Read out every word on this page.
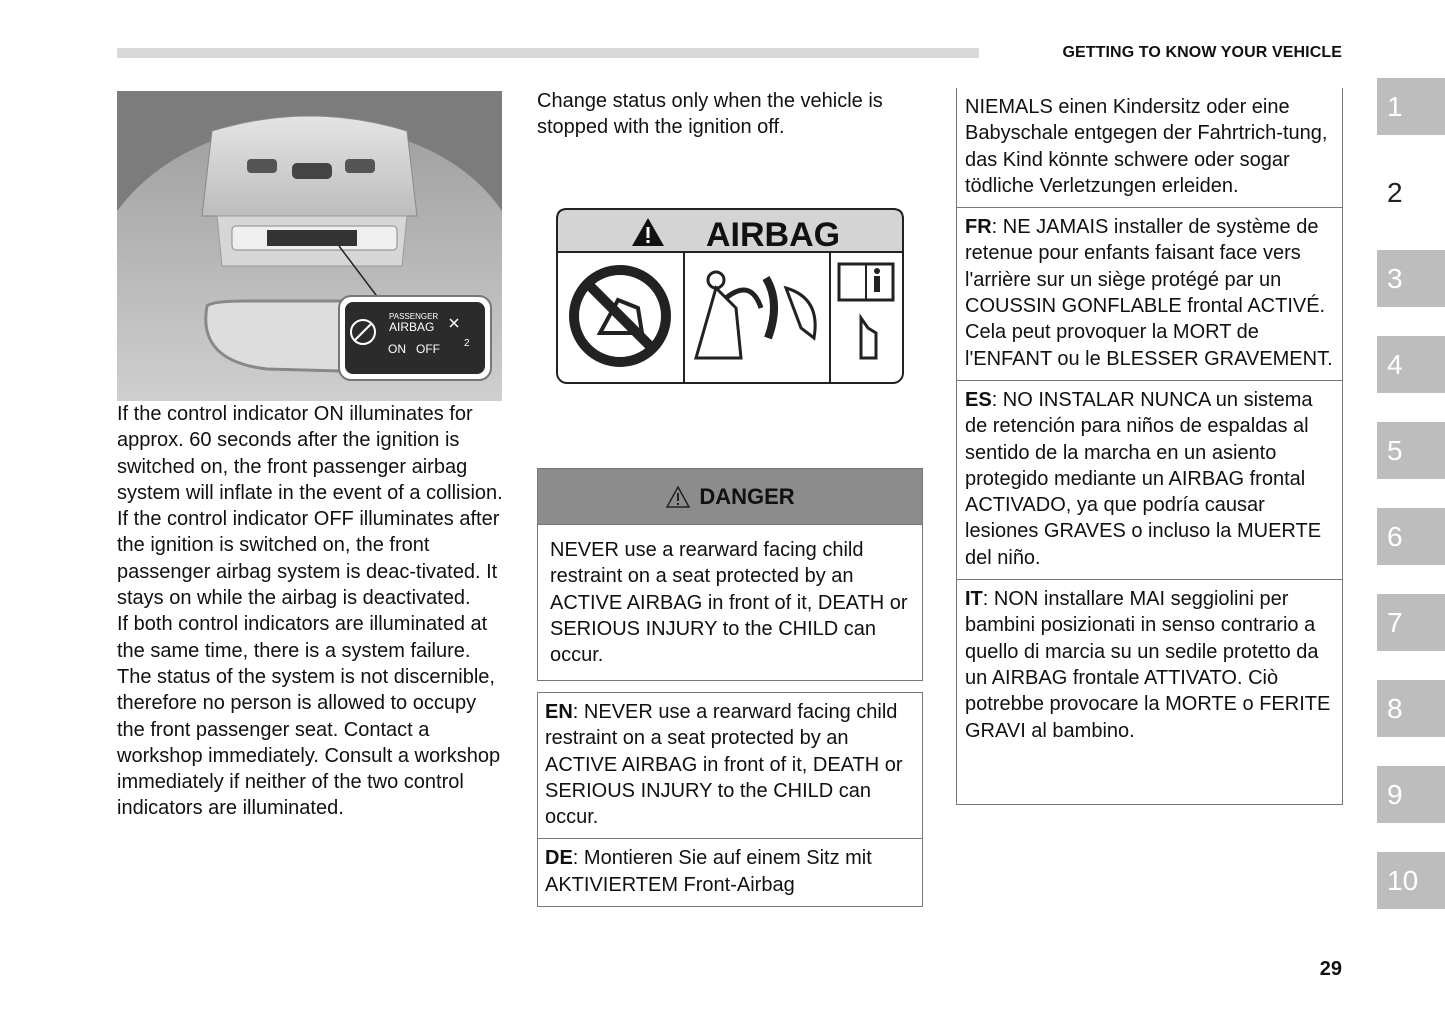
GETTING TO KNOW YOUR VEHICLE
PASSENGER
AIRBAG
ON OFF 2
If the control indicator ON illuminates for approx. 60 seconds after the ignition is switched on, the front passenger airbag system will inflate in the event of a collision.
If the control indicator OFF illuminates after the ignition is switched on, the front passenger airbag system is deac-tivated. It stays on while the airbag is deactivated.
If both control indicators are illuminated at the same time, there is a system failure. The status of the system is not discernible, therefore no person is allowed to occupy the front passenger seat. Contact a workshop immediately. Consult a workshop immediately if neither of the two control indicators are illuminated.
Change status only when the vehicle is stopped with the ignition off.
AIRBAG
DANGER
NEVER use a rearward facing child restraint on a seat protected by an ACTIVE AIRBAG in front of it, DEATH or SERIOUS INJURY to the CHILD can occur.
EN: NEVER use a rearward facing child restraint on a seat protected by an ACTIVE AIRBAG in front of it, DEATH or SERIOUS INJURY to the CHILD can occur.
DE: Montieren Sie auf einem Sitz mit AKTIVIERTEM Front-Airbag
NIEMALS einen Kindersitz oder eine Babyschale entgegen der Fahrtrich-tung, das Kind könnte schwere oder sogar tödliche Verletzungen erleiden.
FR: NE JAMAIS installer de système de retenue pour enfants faisant face vers l'arrière sur un siège protégé par un COUSSIN GONFLABLE frontal ACTIVÉ. Cela peut provoquer la MORT de l'ENFANT ou le BLESSER GRAVEMENT.
ES: NO INSTALAR NUNCA un sistema de retención para niños de espaldas al sentido de la marcha en un asiento protegido mediante un AIRBAG frontal ACTIVADO, ya que podría causar lesiones GRAVES o incluso la MUERTE del niño.
IT: NON installare MAI seggiolini per bambini posizionati in senso contrario a quello di marcia su un sedile protetto da un AIRBAG frontale ATTIVATO. Ciò potrebbe provocare la MORTE o FERITE GRAVI al bambino.
1
2
3
4
5
6
7
8
9
10
29
